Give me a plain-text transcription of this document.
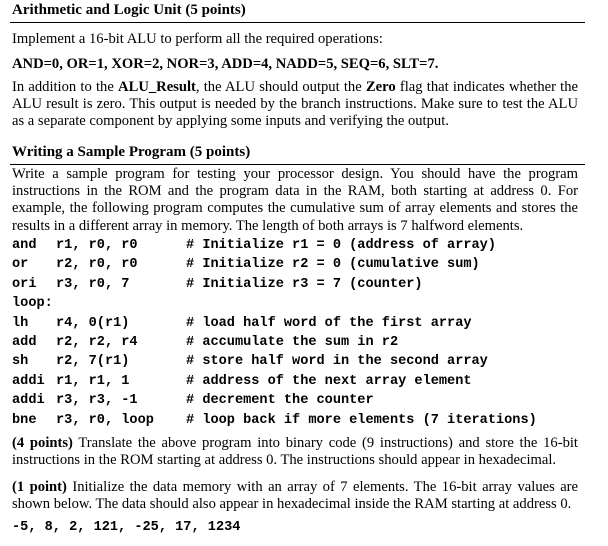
Arithmetic and Logic Unit (5 points)
Implement a 16-bit ALU to perform all the required operations:
AND=0, OR=1, XOR=2, NOR=3, ADD=4, NADD=5, SEQ=6, SLT=7.
In addition to the ALU_Result, the ALU should output the Zero flag that indicates whether the ALU result is zero. This output is needed by the branch instructions. Make sure to test the ALU as a separate component by applying some inputs and verifying the output.
Writing a Sample Program (5 points)
Write a sample program for testing your processor design. You should have the program instructions in the ROM and the program data in the RAM, both starting at address 0. For example, the following program computes the cumulative sum of array elements and stores the results in a different array in memory. The length of both arrays is 7 halfword elements.
and r1, r0, r0	# Initialize r1 = 0 (address of array)
or r2, r0, r0	# Initialize r2 = 0 (cumulative sum)
ori r3, r0, 7	# Initialize r3 = 7 (counter)
loop:
lh r4, 0(r1)	# load half word of the first array
add r2, r2, r4	# accumulate the sum in r2
sh r2, 7(r1)	# store half word in the second array
addi r1, r1, 1	# address of the next array element
addi r3, r3, -1	# decrement the counter
bne r3, r0, loop # loop back if more elements (7 iterations)
(4 points) Translate the above program into binary code (9 instructions) and store the 16-bit instructions in the ROM starting at address 0. The instructions should appear in hexadecimal.
(1 point) Initialize the data memory with an array of 7 elements. The 16-bit array values are shown below. The data should also appear in hexadecimal inside the RAM starting at address 0.
-5, 8, 2, 121, -25, 17, 1234
